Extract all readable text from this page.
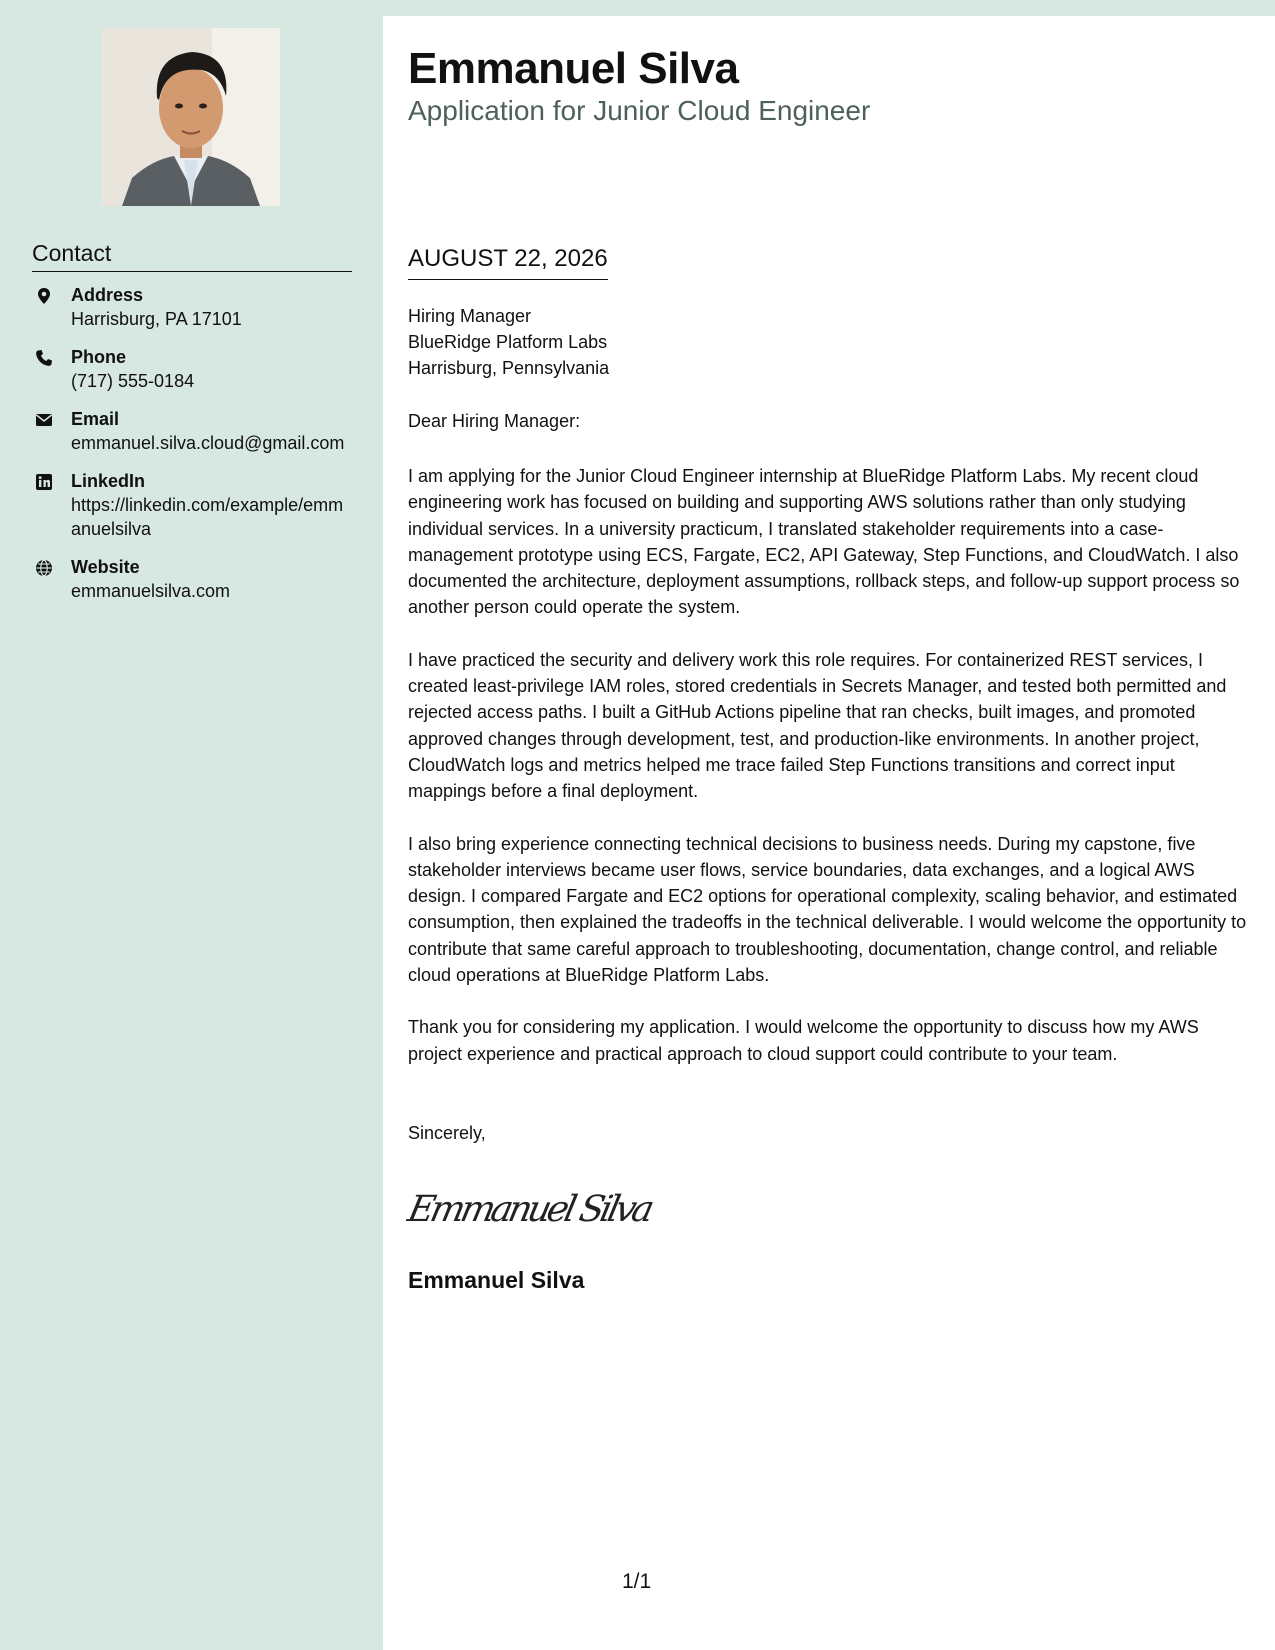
Contact
Address
Harrisburg, PA 17101
Phone
(717) 555-0184
Email
emmanuel.silva.cloud@gmail.com
LinkedIn
https://linkedin.com/example/emmanuelsilva
Website
emmanuelsilva.com
Emmanuel Silva
Application for Junior Cloud Engineer
AUGUST 22, 2026
Hiring Manager
BlueRidge Platform Labs
Harrisburg, Pennsylvania
Dear Hiring Manager:

I am applying for the Junior Cloud Engineer internship at BlueRidge Platform Labs. My recent cloud engineering work has focused on building and supporting AWS solutions rather than only studying individual services. In a university practicum, I translated stakeholder requirements into a case-management prototype using ECS, Fargate, EC2, API Gateway, Step Functions, and CloudWatch. I also documented the architecture, deployment assumptions, rollback steps, and follow-up support process so another person could operate the system.

I have practiced the security and delivery work this role requires. For containerized REST services, I created least-privilege IAM roles, stored credentials in Secrets Manager, and tested both permitted and rejected access paths. I built a GitHub Actions pipeline that ran checks, built images, and promoted approved changes through development, test, and production-like environments. In another project, CloudWatch logs and metrics helped me trace failed Step Functions transitions and correct input mappings before a final deployment.

I also bring experience connecting technical decisions to business needs. During my capstone, five stakeholder interviews became user flows, service boundaries, data exchanges, and a logical AWS design. I compared Fargate and EC2 options for operational complexity, scaling behavior, and estimated consumption, then explained the tradeoffs in the technical deliverable. I would welcome the opportunity to contribute that same careful approach to troubleshooting, documentation, change control, and reliable cloud operations at BlueRidge Platform Labs.

Thank you for considering my application. I would welcome the opportunity to discuss how my AWS project experience and practical approach to cloud support could contribute to your team.

Sincerely,
Emmanuel Silva
Emmanuel Silva
1/1
